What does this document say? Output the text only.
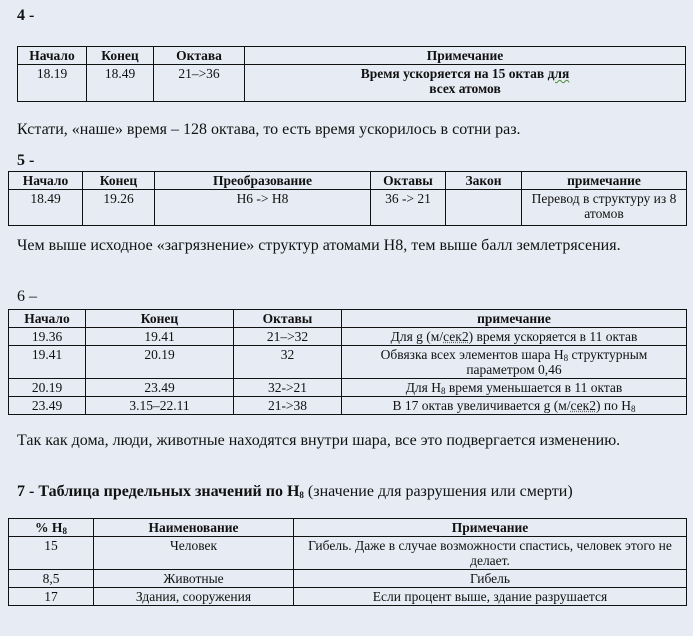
4 -
Начало	Конец	Октава	Примечание
18.19	18.49	21–>36	Время ускоряется на 15 октав для
всех атомов
Кстати, «наше» время – 128 октава, то есть время ускорилось в сотни раз.
5 -
Начало	Конец	Преобразование	Октавы	Закон	примечание
18.49	19.26	H6 -> H8	36 -> 21		Перевод в структуру из 8 атомов
Чем выше исходное «загрязнение» структур атомами H8, тем выше балл землетрясения.
6 –
Начало	Конец	Октавы	примечание
19.36	19.41	21–>32	Для g (м/сек2) время ускоряется в 11 октав
19.41	20.19	32	Обвязка всех элементов шара $H_8$ структурным параметром 0,46
20.19	23.49	32->21	Для $H_8$ время уменьшается в 11 октав
23.49	3.15–22.11	21->38	В 17 октав увеличивается g (м/сек2) по $H_8$
Так как дома, люди, животные находятся внутри шара, все это подвергается изменению.
7 - Таблица предельных значений по $H_8$ (значение для разрушения или смерти)
% $H_8$	Наименование	Примечание
15	Человек	Гибель. Даже в случае возможности спастись, человек этого не делает.
8,5	Животные	Гибель
17	Здания, сооружения	Если процент выше, здание разрушается
